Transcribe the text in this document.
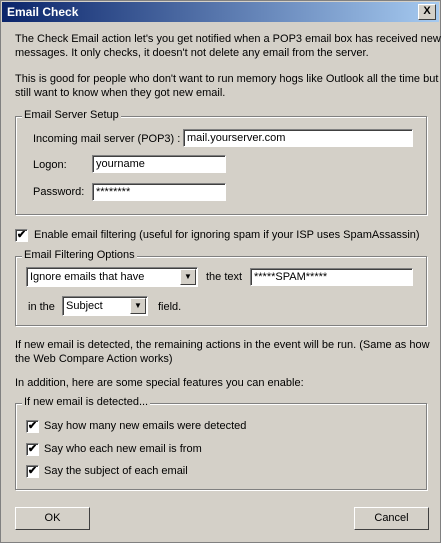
Email Check	X
The Check Email action let's you get notified when a POP3 email box has received new
messages. It only checks, it doesn't not delete any email from the server.
This is good for people who don't want to run memory hogs like Outlook all the time but
still want to know when they got new email.
Email Server Setup
Incoming mail server (POP3) : mail.yourserver.com
Logon:	yourname
Password:	********
✔ Enable email filtering (useful for ignoring spam if your ISP uses SpamAssassin)
Email Filtering Options
Ignore emails that have	▼	the text	*****SPAM*****
in the Subject	▼	field.
If new email is detected, the remaining actions in the event will be run. (Same as how
the Web Compare Action works)
In addition, here are some special features you can enable:
If new email is detected...
✔ Say how many new emails were detected
✔ Say who each new email is from
✔ Say the subject of each email
OK	Cancel
